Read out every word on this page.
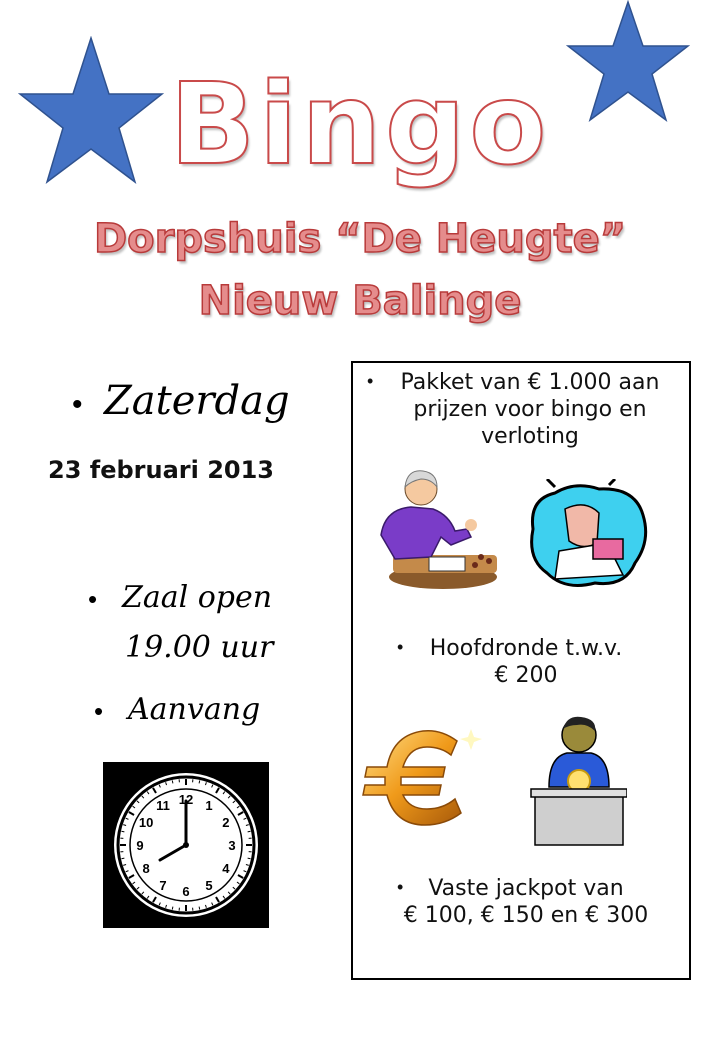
Bingo
Dorpshuis “De Heugte”
Nieuw Balinge
• Zaterdag
23 februari 2013
• Zaal open
19.00 uur
• Aanvang
12 1
2
3
4
5
6
7
8
9
10
11
•	Pakket van € 1.000 aan
prijzen voor bingo en
verloting
•	Hoofdronde t.w.v.
€ 200
•	Vaste jackpot van
€ 100, € 150 en € 300
